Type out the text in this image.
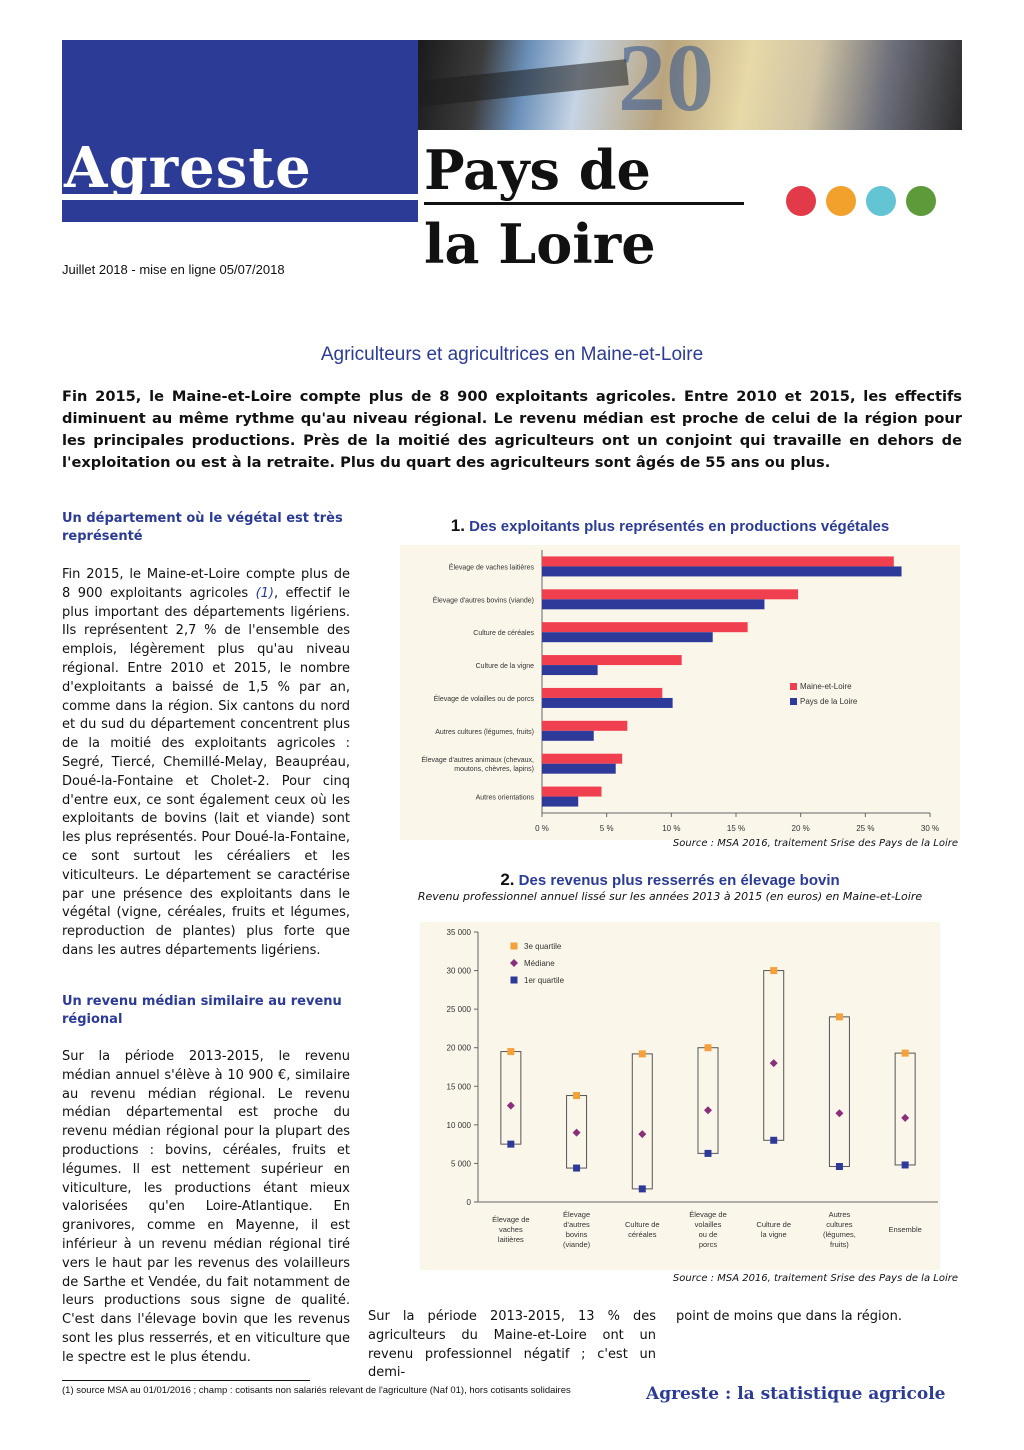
20
Agreste Pays de
la Loire
Juillet 2018 - mise en ligne 05/07/2018
Agriculteurs et agricultrices en Maine-et-Loire
Fin 2015, le Maine-et-Loire compte plus de 8 900 exploitants agricoles. Entre 2010 et 2015, les effectifs diminuent au même rythme qu'au niveau régional. Le revenu médian est proche de celui de la région pour les principales productions. Près de la moitié des agriculteurs ont un conjoint qui travaille en dehors de l'exploitation ou est à la retraite. Plus du quart des agriculteurs sont âgés de 55 ans ou plus.
Un département où le végétal est très représenté

Fin 2015, le Maine-et-Loire compte plus de 8 900 exploitants agricoles (1), effectif le plus important des départements ligériens. Ils représentent 2,7 % de l'ensemble des emplois, légèrement plus qu'au niveau régional. Entre 2010 et 2015, le nombre d'exploitants a baissé de 1,5 % par an, comme dans la région. Six cantons du nord et du sud du département concentrent plus de la moitié des exploitants agricoles : Segré, Tiercé, Chemillé-Melay, Beaupréau, Doué-la-Fontaine et Cholet-2. Pour cinq d'entre eux, ce sont également ceux où les exploitants de bovins (lait et viande) sont les plus représentés. Pour Doué-la-Fontaine, ce sont surtout les céréaliers et les viticulteurs. Le département se caractérise par une présence des exploitants dans le végétal (vigne, céréales, fruits et légumes, reproduction de plantes) plus forte que dans les autres départements ligériens.

Un revenu médian similaire au revenu régional
Sur la période 2013-2015, le revenu médian annuel s'élève à 10 900 €, similaire au revenu médian régional. Le revenu médian départemental est proche du revenu médian régional pour la plupart des productions : bovins, céréales, fruits et légumes. Il est nettement supérieur en viticulture, les productions étant mieux valorisées qu'en Loire-Atlantique. En granivores, comme en Mayenne, il est inférieur à un revenu médian régional tiré vers le haut par les revenus des volailleurs de Sarthe et Vendée, du fait notamment de leurs productions sous signe de qualité. C'est dans l'élevage bovin que les revenus sont les plus resserrés, et en viticulture que le spectre est le plus étendu.
1. Des exploitants plus représentés en productions végétales
0 %	5 %	10 %	15 %	20 %	25 %	30 %
Élevage de vaches laitières
Élevage d'autres bovins (viande)
Culture de céréales
Culture de la vigne
Élevage de volailles ou de porcs
Autres cultures (légumes, fruits)
Élevage d'autres animaux (chevaux, moutons, chèvres, lapins)
Autres orientations
Maine-et-Loire
Pays de la Loire
Source : MSA 2016, traitement Srise des Pays de la Loire
2. Des revenus plus resserrés en élevage bovin
Revenu professionnel annuel lissé sur les années 2013 à 2015 (en euros) en Maine-et-Loire
0
5 000
10 000
15 000
20 000
25 000
30 000
35 000
Élevage de vaches laitières
Élevage d'autres bovins (viande)
Culture de céréales
Élevage de volailles ou de porcs
Culture de la vigne
Autres cultures (légumes, fruits)
Ensemble
3e quartile
Médiane
1er quartile
Source : MSA 2016, traitement Srise des Pays de la Loire
Sur la période 2013-2015, 13 % des agriculteurs du Maine-et-Loire ont un revenu professionnel négatif ; c'est un demi-
point de moins que dans la région.
(1) source MSA au 01/01/2016 ; champ : cotisants non salariés relevant de l'agriculture (Naf 01), hors cotisants solidaires	Agreste : la statistique agricole
